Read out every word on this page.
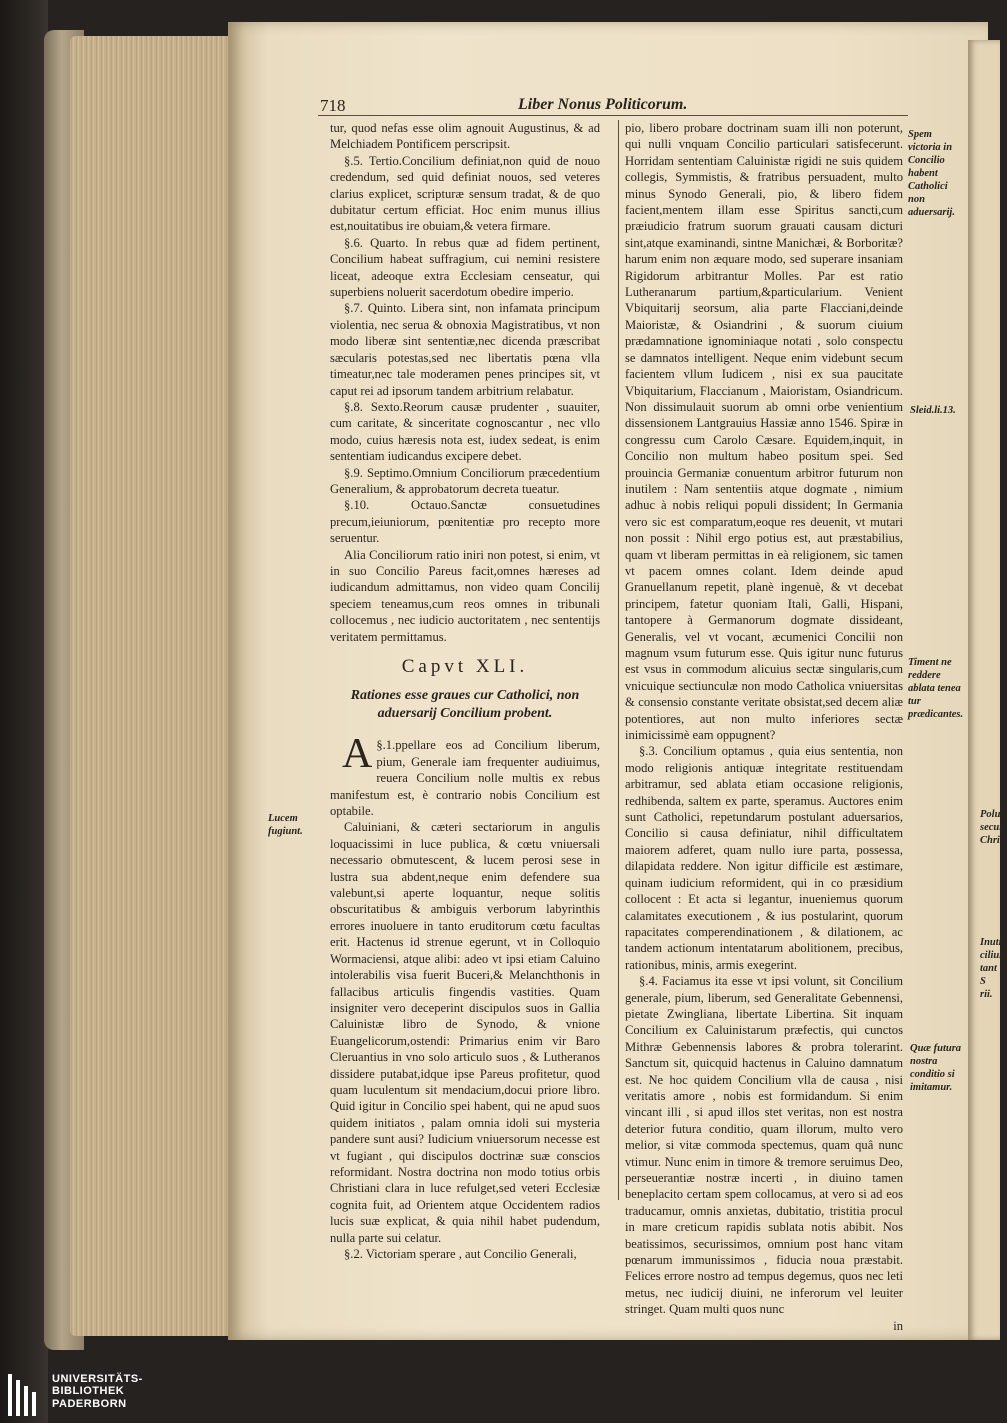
718	Liber Nonus Politicorum.

tur, quod nefas esse olim agnouit Augustinus, & ad Melchiadem Pontificem perscripsit.

§.5. Tertio.Concilium definiat,non quid de nouo credendum, sed quid definiat nouos, sed veteres clarius explicet, scripturæ sensum tradat, & de quo dubitatur certum efficiat. Hoc enim munus illius est,nouitatibus ire obuiam,& vetera firmare.

§.6. Quarto. In rebus quæ ad fidem pertinent, Concilium habeat suffragium, cui nemini resistere liceat, adeoque extra Ecclesiam censeatur, qui superbiens noluerit sacerdotum obedire imperio.

§.7. Quinto. Libera sint, non infamata principum violentia, nec serua & obnoxia Magistratibus, vt non modo liberæ sint sententiæ,nec dicenda præscribat sæcularis potestas,sed nec libertatis pœna vlla timeatur,nec tale moderamen penes principes sit, vt caput rei ad ipsorum tandem arbitrium relabatur.

§.8. Sexto.Reorum causæ prudenter , suauiter, cum caritate, & sinceritate cognoscantur , nec vllo modo, cuius hæresis nota est, iudex sedeat, is enim sententiam iudicandus excipere debet.

§.9. Septimo.Omnium Conciliorum præcedentium Generalium, & approbatorum decreta tueatur.

§.10. Octauo.Sanctæ consuetudines precum,ieiuniorum, pœnitentiæ pro recepto more seruentur.

Alia Conciliorum ratio iniri non potest, si enim, vt in suo Concilio Pareus facit,omnes hæreses ad iudicandum admittamus, non video quam Concilij speciem teneamus,cum reos omnes in tribunali collocemus , nec iudicio auctoritatem , nec sententijs veritatem permittamus.

Capvt XLI.

Rationes esse graues cur Catholici, non aduersarij Concilium probent.

§.1.
A ppellare eos ad Concilium liberum, pium, Generale iam frequenter audiuimus, reuera Concilium nolle multis ex rebus manifestum est, è contrario nobis Concilium est optabile.

Caluiniani, & cæteri sectariorum in angulis loquacissimi in luce publica, & cœtu vniuersali necessario obmutescent, & lucem perosi sese in lustra sua abdent,neque enim defendere sua valebunt,si aperte loquantur, neque solitis obscuritatibus & ambiguis verborum labyrinthis errores inuoluere in tanto eruditorum cœtu facultas erit. Hactenus id strenue egerunt, vt in Colloquio Wormaciensi, atque alibi: adeo vt ipsi etiam Caluino intolerabilis visa fuerit Buceri,& Melanchthonis in fallacibus articulis fingendis vastities. Quam insigniter vero deceperint discipulos suos in Gallia Caluinistæ libro de Synodo, & vnione Euangelicorum,ostendi: Primarius enim vir Baro Cleruantius in vno solo articulo suos , & Lutheranos dissidere putabat,idque ipse Pareus profitetur, quod quam luculentum sit mendacium,docui priore libro. Quid igitur in Concilio spei habent, qui ne apud suos quidem initiatos , palam omnia idoli sui mysteria pandere sunt ausi? Iudicium vniuersorum necesse est vt fugiant , qui discipulos doctrinæ suæ conscios reformidant. Nostra doctrina non modo totius orbis Christiani clara in luce refulget,sed veteri Ecclesiæ cognita fuit, ad Orientem atque Occidentem radios lucis suæ explicat, & quia nihil habet pudendum, nulla parte sui celatur.

§.2. Victoriam sperare , aut Concilio Generali,

pio, libero probare doctrinam suam illi non poterunt, qui nulli vnquam Concilio particulari satisfecerunt. Horridam sententiam Caluinistæ rigidi ne suis quidem collegis, Symmistis, & fratribus persuadent, multo minus Synodo Generali, pio, & libero fidem facient,mentem illam esse Spiritus sancti,cum præiudicio fratrum suorum grauati causam dicturi sint,atque examinandi, sintne Manichæi, & Borboritæ? harum enim non æquare modo, sed superare insaniam Rigidorum arbitrantur Molles. Par est ratio Lutheranarum partium,&particularium. Venient Vbiquitarij seorsum, alia parte Flacciani,deinde Maioristæ, & Osiandrini , & suorum ciuium prædamnatione ignominiaque notati , solo conspectu se damnatos intelligent. Neque enim videbunt secum facientem vllum Iudicem , nisi ex sua paucitate Vbiquitarium, Flaccianum , Maioristam, Osiandricum. Non dissimulauit suorum ab omni orbe venientium dissensionem Lantgrauius Hassiæ anno 1546. Spiræ in congressu cum Carolo Cæsare. Equidem,inquit, in Concilio non multum habeo positum spei. Sed prouincia Germaniæ conuentum arbitror futurum non inutilem : Nam sententiis atque dogmate , nimium adhuc à nobis reliqui populi dissident; In Germania vero sic est comparatum,eoque res deuenit, vt mutari non possit : Nihil ergo potius est, aut præstabilius, quam vt liberam permittas in eà religionem, sic tamen vt pacem omnes colant. Idem deinde apud Granuellanum repetit, planè ingenuè, & vt decebat principem, fatetur quoniam Itali, Galli, Hispani, tantopere à Germanorum dogmate dissideant, Generalis, vel vt vocant, æcumenici Concilii non magnum vsum futurum esse. Quis igitur nunc futurus est vsus in commodum alicuius sectæ singularis,cum vnicuique sectiunculæ non modo Catholica vniuersitas & consensio constante veritate obsistat,sed decem aliæ potentiores, aut non multo inferiores sectæ inimicissimè eam oppugnent?

§.3. Concilium optamus , quia eius sententia, non modo religionis antiquæ integritate restituendam arbitramur, sed ablata etiam occasione religionis, redhibenda, saltem ex parte, speramus. Auctores enim sunt Catholici, repetundarum postulant aduersarios, Concilio si causa definiatur, nihil difficultatem maiorem adferet, quam nullo iure parta, possessa, dilapidata reddere. Non igitur difficile est æstimare, quinam iudicium reformident, qui in co præsidium collocent : Et acta si legantur, inueniemus quorum calamitates executionem , & ius postularint, quorum rapacitates comperendinationem , & dilationem, ac tandem actionum intentatarum abolitionem, precibus, rationibus, minis, armis exegerint.

§.4. Faciamus ita esse vt ipsi volunt, sit Concilium generale, pium, liberum, sed Generalitate Gebennensi, pietate Zwingliana, libertate Libertina. Sit inquam Concilium ex Caluinistarum præfectis, qui cunctos Mithræ Gebennensis labores & probra tolerarint. Sanctum sit, quicquid hactenus in Caluino damnatum est. Ne hoc quidem Concilium vlla de causa , nisi veritatis amore , nobis est formidandum. Si enim vincant illi , si apud illos stet veritas, non est nostra deterior futura conditio, quam illorum, multo vero melior, si vitæ commoda spectemus, quam quâ nunc vtimur. Nunc enim in timore & tremore seruimus Deo, perseuerantiæ nostræ incerti , in diuino tamen beneplacito certam spem collocamus, at vero si ad eos traducamur, omnis anxietas, dubitatio, tristitia procul in mare creticum rapidis sublata notis abibit. Nos beatissimos, securissimos, omnium post hanc vitam pœnarum immunissimos , fiducia noua præstabit. Felices errore nostro ad tempus degemus, quos nec leti metus, nec iudicij diuini, ne inferorum vel leuiter stringet. Quam multi quos nunc

in

Lucem fugiunt.
Spem victoria in Concilio habent Catholici non aduersarij.
Sleid.li.13.
Timent ne reddere ablata tenea tur prædicantes.
Quæ futura nostra conditio si imitamur.
Poluis secur Chris
Inutil cilium tant S rii.
UNIVERSITÄTS-
BIBLIOTHEK
PADERBORN
